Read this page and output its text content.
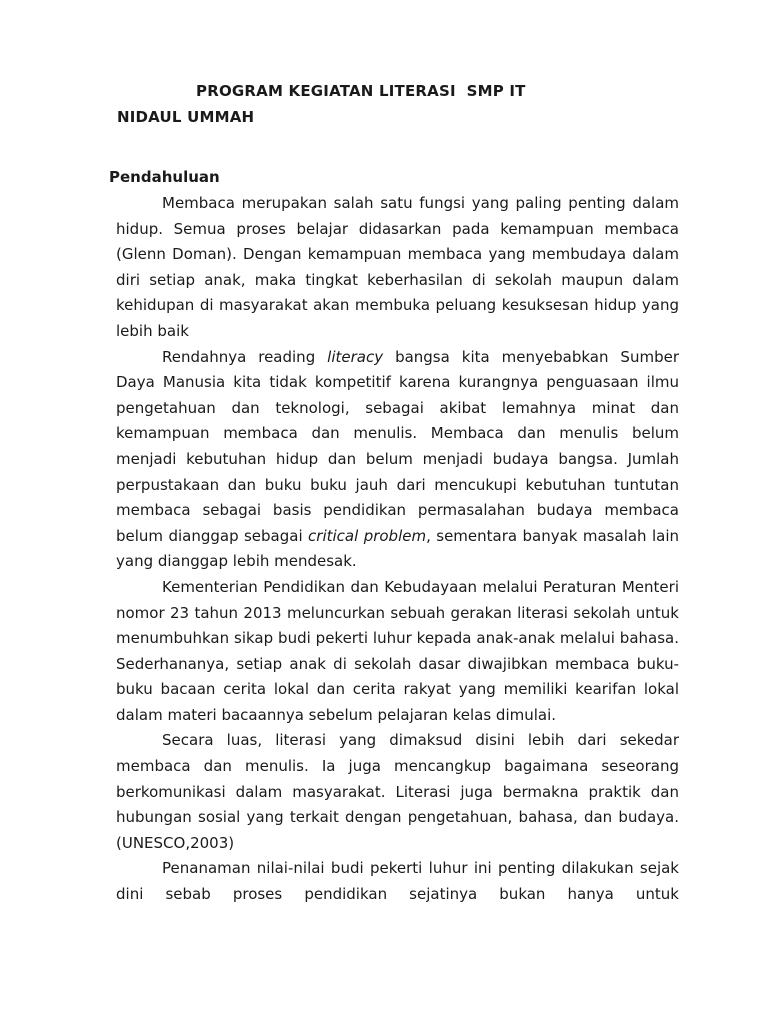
PROGRAM KEGIATAN LITERASI  SMP IT
NIDAUL UMMAH
Pendahuluan

Membaca merupakan salah satu fungsi yang paling penting dalam hidup. Semua proses belajar didasarkan pada kemampuan membaca (Glenn Doman). Dengan kemampuan membaca yang membudaya dalam diri setiap anak, maka tingkat keberhasilan di sekolah maupun dalam kehidupan di masyarakat akan membuka peluang kesuksesan hidup yang lebih baik

Rendahnya reading literacy bangsa kita menyebabkan Sumber Daya Manusia kita tidak kompetitif karena kurangnya penguasaan ilmu pengetahuan dan teknologi, sebagai akibat lemahnya minat dan kemampuan membaca dan menulis. Membaca dan menulis belum menjadi kebutuhan hidup dan belum menjadi budaya bangsa. Jumlah perpustakaan dan buku buku jauh dari mencukupi kebutuhan tuntutan membaca sebagai basis pendidikan permasalahan budaya membaca belum dianggap sebagai critical problem, sementara banyak masalah lain yang dianggap lebih mendesak.

Kementerian Pendidikan dan Kebudayaan melalui Peraturan Menteri nomor 23 tahun 2013 meluncurkan sebuah gerakan literasi sekolah untuk menumbuhkan sikap budi pekerti luhur kepada anak-anak melalui bahasa. Sederhananya, setiap anak di sekolah dasar diwajibkan membaca buku-buku bacaan cerita lokal dan cerita rakyat yang memiliki kearifan lokal dalam materi bacaannya sebelum pelajaran kelas dimulai.

Secara luas, literasi yang dimaksud disini lebih dari sekedar membaca dan menulis. Ia juga mencangkup bagaimana seseorang berkomunikasi dalam masyarakat. Literasi juga bermakna praktik dan hubungan sosial yang terkait dengan pengetahuan, bahasa, dan budaya.(UNESCO,2003)

Penanaman nilai-nilai budi pekerti luhur ini penting dilakukan sejak dini sebab proses pendidikan sejatinya bukan hanya untuk
